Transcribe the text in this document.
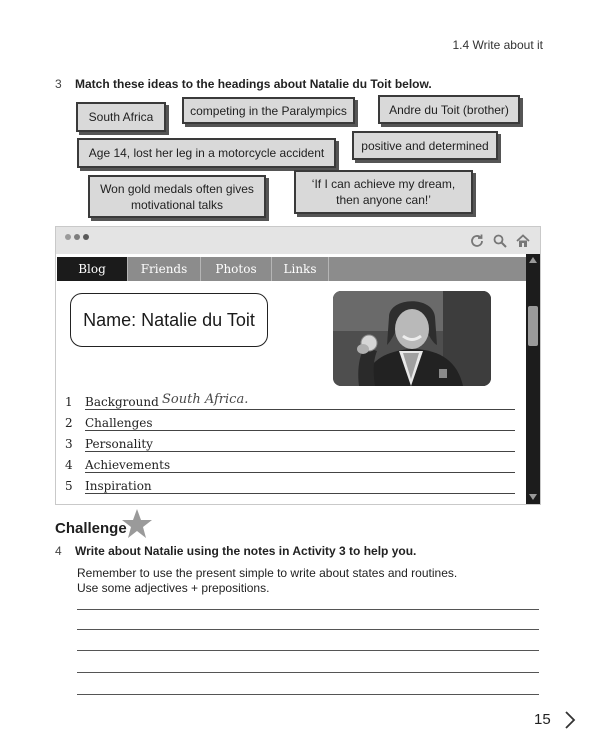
1.4 Write about it
3 Match these ideas to the headings about Natalie du Toit below.
South Africa	competing in the Paralympics	Andre du Toit (brother)
Age 14, lost her leg in a motorcycle accident
positive and determined
Won gold medals often gives
motivational talks
‘If I can achieve my dream,
then anyone can!’
Blog	Friends	Photos	Links
Name: Natalie du Toit
1 Background South Africa.
2 Challenges
3 Personality
4 Achievements
5 Inspiration
Challenge
4 Write about Natalie using the notes in Activity 3 to help you.
Remember to use the present simple to write about states and routines.
Use some adjectives + prepositions.
15
